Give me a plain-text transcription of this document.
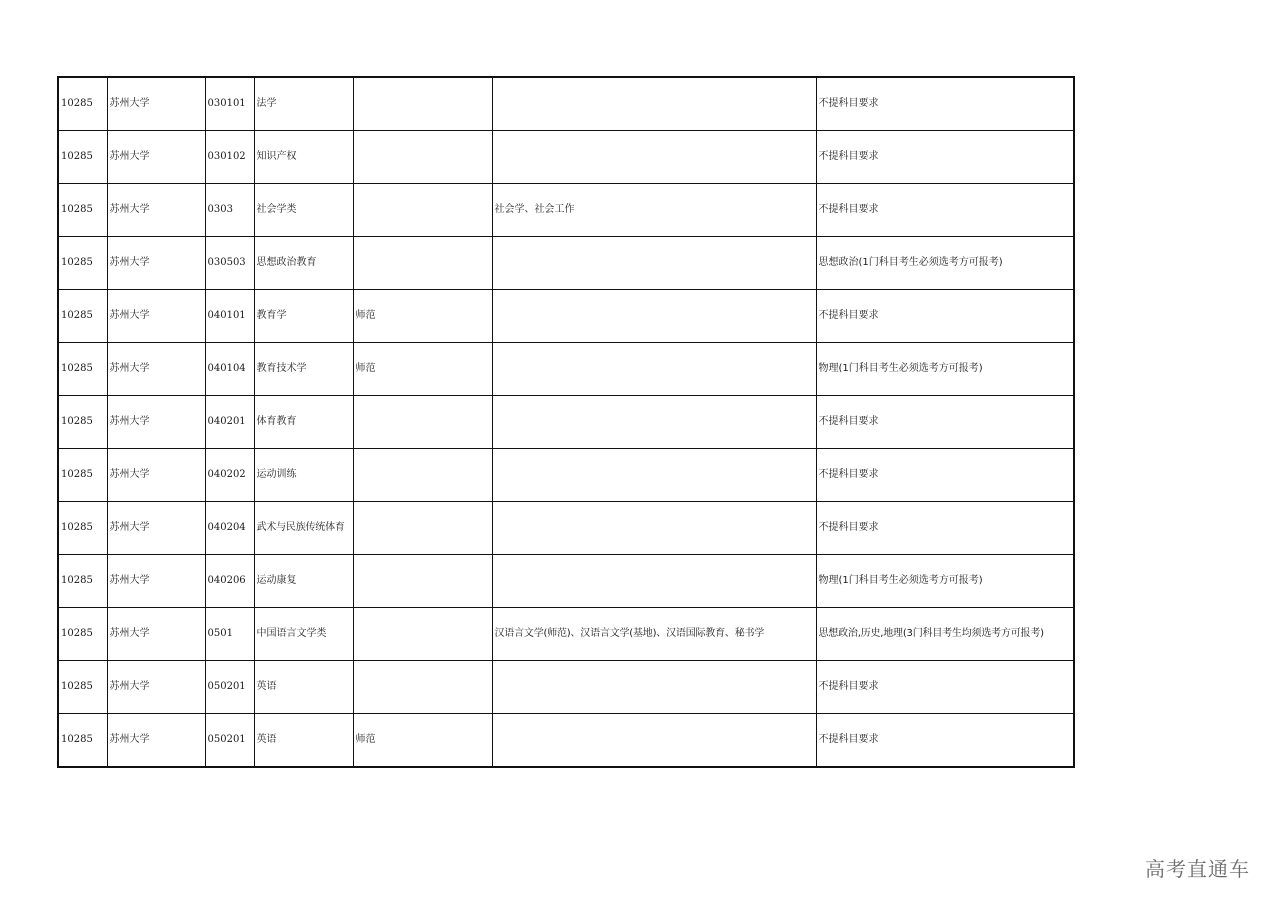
10285	苏州大学	030101	法学			不提科目要求
10285	苏州大学	030102	知识产权			不提科目要求
10285	苏州大学	0303	社会学类		社会学、社会工作	不提科目要求
10285	苏州大学	030503	思想政治教育			思想政治(1门科目考生必须选考方可报考)
10285	苏州大学	040101	教育学	师范		不提科目要求
10285	苏州大学	040104	教育技术学	师范		物理(1门科目考生必须选考方可报考)
10285	苏州大学	040201	体育教育			不提科目要求
10285	苏州大学	040202	运动训练			不提科目要求
10285	苏州大学	040204	武术与民族传统体育			不提科目要求
10285	苏州大学	040206	运动康复			物理(1门科目考生必须选考方可报考)
10285	苏州大学	0501	中国语言文学类		汉语言文学(师范)、汉语言文学(基地)、汉语国际教育、秘书学	思想政治,历史,地理(3门科目考生均须选考方可报考)
10285	苏州大学	050201	英语			不提科目要求
10285	苏州大学	050201	英语	师范		不提科目要求
高考直通车
